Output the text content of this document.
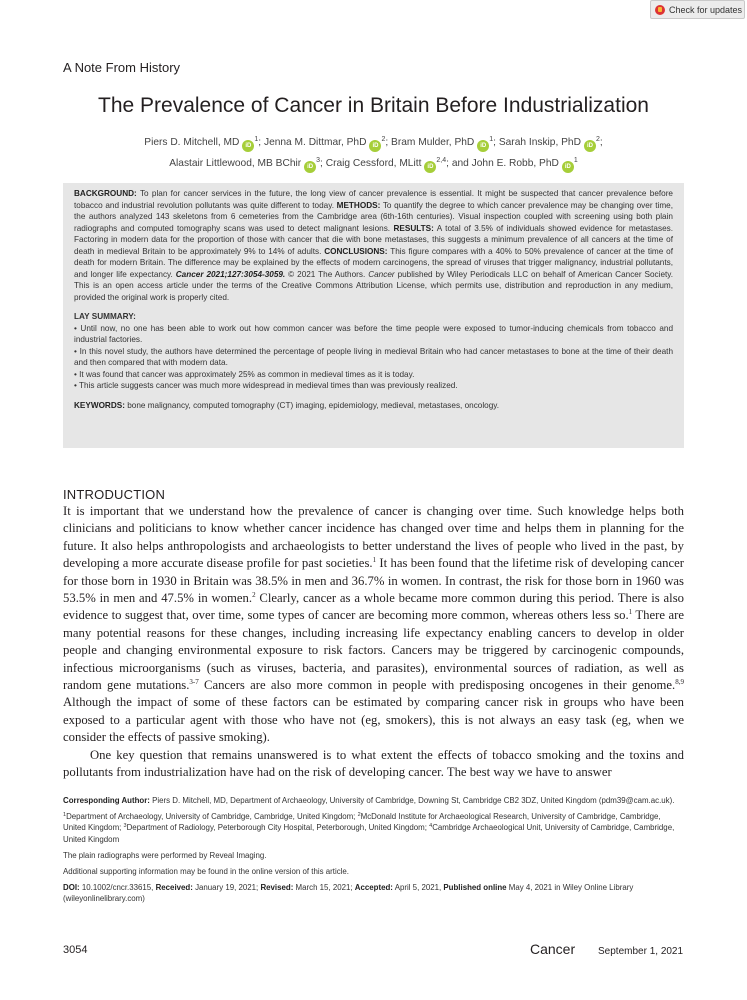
Check for updates
A Note From History
The Prevalence of Cancer in Britain Before Industrialization
Piers D. Mitchell, MD iD$^1$; Jenna M. Dittmar, PhD iD$^2$; Bram Mulder, PhD iD$^1$; Sarah Inskip, PhD iD$^2$;
Alastair Littlewood, MB BChir iD$^3$; Craig Cessford, MLitt iD$^{2,4}$; and John E. Robb, PhD iD$^1$

BACKGROUND: To plan for cancer services in the future, the long view of cancer prevalence is essential. It might be suspected that cancer prevalence before tobacco and industrial revolution pollutants was quite different to today. METHODS: To quantify the degree to which cancer prevalence may be changing over time, the authors analyzed 143 skeletons from 6 cemeteries from the Cambridge area (6th-16th centuries). Visual inspection coupled with screening using both plain radiographs and computed tomography scans was used to detect malignant lesions. RESULTS: A total of 3.5% of individuals showed evidence for metastases. Factoring in modern data for the proportion of those with cancer that die with bone metastases, this suggests a minimum prevalence of all cancers at the time of death in medieval Britain to be approximately 9% to 14% of adults. CONCLUSIONS: This figure compares with a 40% to 50% prevalence of cancer at the time of death for modern Britain. The difference may be explained by the effects of modern carcinogens, the spread of viruses that trigger malignancy, industrial pollutants, and longer life expectancy. Cancer 2021;127:3054-3059. © 2021 The Authors. Cancer published by Wiley Periodicals LLC on behalf of American Cancer Society. This is an open access article under the terms of the Creative Commons Attribution License, which permits use, distribution and reproduction in any medium, provided the original work is properly cited.

LAY SUMMARY:

• Until now, no one has been able to work out how common cancer was before the time people were exposed to tumor-inducing chemicals from tobacco and industrial factories.

• In this novel study, the authors have determined the percentage of people living in medieval Britain who had cancer metastases to bone at the time of their death and then compared that with modern data.

• It was found that cancer was approximately 25% as common in medieval times as it is today.

• This article suggests cancer was much more widespread in medieval times than was previously realized.

KEYWORDS: bone malignancy, computed tomography (CT) imaging, epidemiology, medieval, metastases, oncology.

INTRODUCTION

It is important that we understand how the prevalence of cancer is changing over time. Such knowledge helps both clinicians and politicians to know whether cancer incidence has changed over time and helps them in planning for the future. It also helps anthropologists and archaeologists to better understand the lives of people who lived in the past, by developing a more accurate disease profile for past societies.$^1$ It has been found that the lifetime risk of developing cancer for those born in 1930 in Britain was 38.5% in men and 36.7% in women. In contrast, the risk for those born in 1960 was 53.5% in men and 47.5% in women.$^2$ Clearly, cancer as a whole became more common during this period. There is also evidence to suggest that, over time, some types of cancer are becoming more common, whereas others less so.$^1$ There are many potential reasons for these changes, including increasing life expectancy enabling cancers to develop in older people and changing environmental exposure to risk factors. Cancers may be triggered by carcinogenic compounds, infectious microorganisms (such as viruses, bacteria, and parasites), environmental sources of radiation, as well as random gene mutations.$^{3-7}$ Cancers are also more common in people with predisposing oncogenes in their genome.$^{8,9}$ Although the impact of some of these factors can be estimated by comparing cancer risk in groups who have been exposed to a particular agent with those who have not (eg, smokers), this is not always an easy task (eg, when we consider the effects of passive smoking).

One key question that remains unanswered is to what extent the effects of tobacco smoking and the toxins and pollutants from industrialization have had on the risk of developing cancer. The best way we have to answer

Corresponding Author: Piers D. Mitchell, MD, Department of Archaeology, University of Cambridge, Downing St, Cambridge CB2 3DZ, United Kingdom (pdm39@cam.ac.uk).

$^1$Department of Archaeology, University of Cambridge, Cambridge, United Kingdom; $^2$McDonald Institute for Archaeological Research, University of Cambridge, Cambridge, United Kingdom; $^3$Department of Radiology, Peterborough City Hospital, Peterborough, United Kingdom; $^4$Cambridge Archaeological Unit, University of Cambridge, Cambridge, United Kingdom

The plain radiographs were performed by Reveal Imaging.

Additional supporting information may be found in the online version of this article.

DOI: 10.1002/cncr.33615, Received: January 19, 2021; Revised: March 15, 2021; Accepted: April 5, 2021, Published online May 4, 2021 in Wiley Online Library (wileyonlinelibrary.com)

3054	Cancer September 1, 2021
